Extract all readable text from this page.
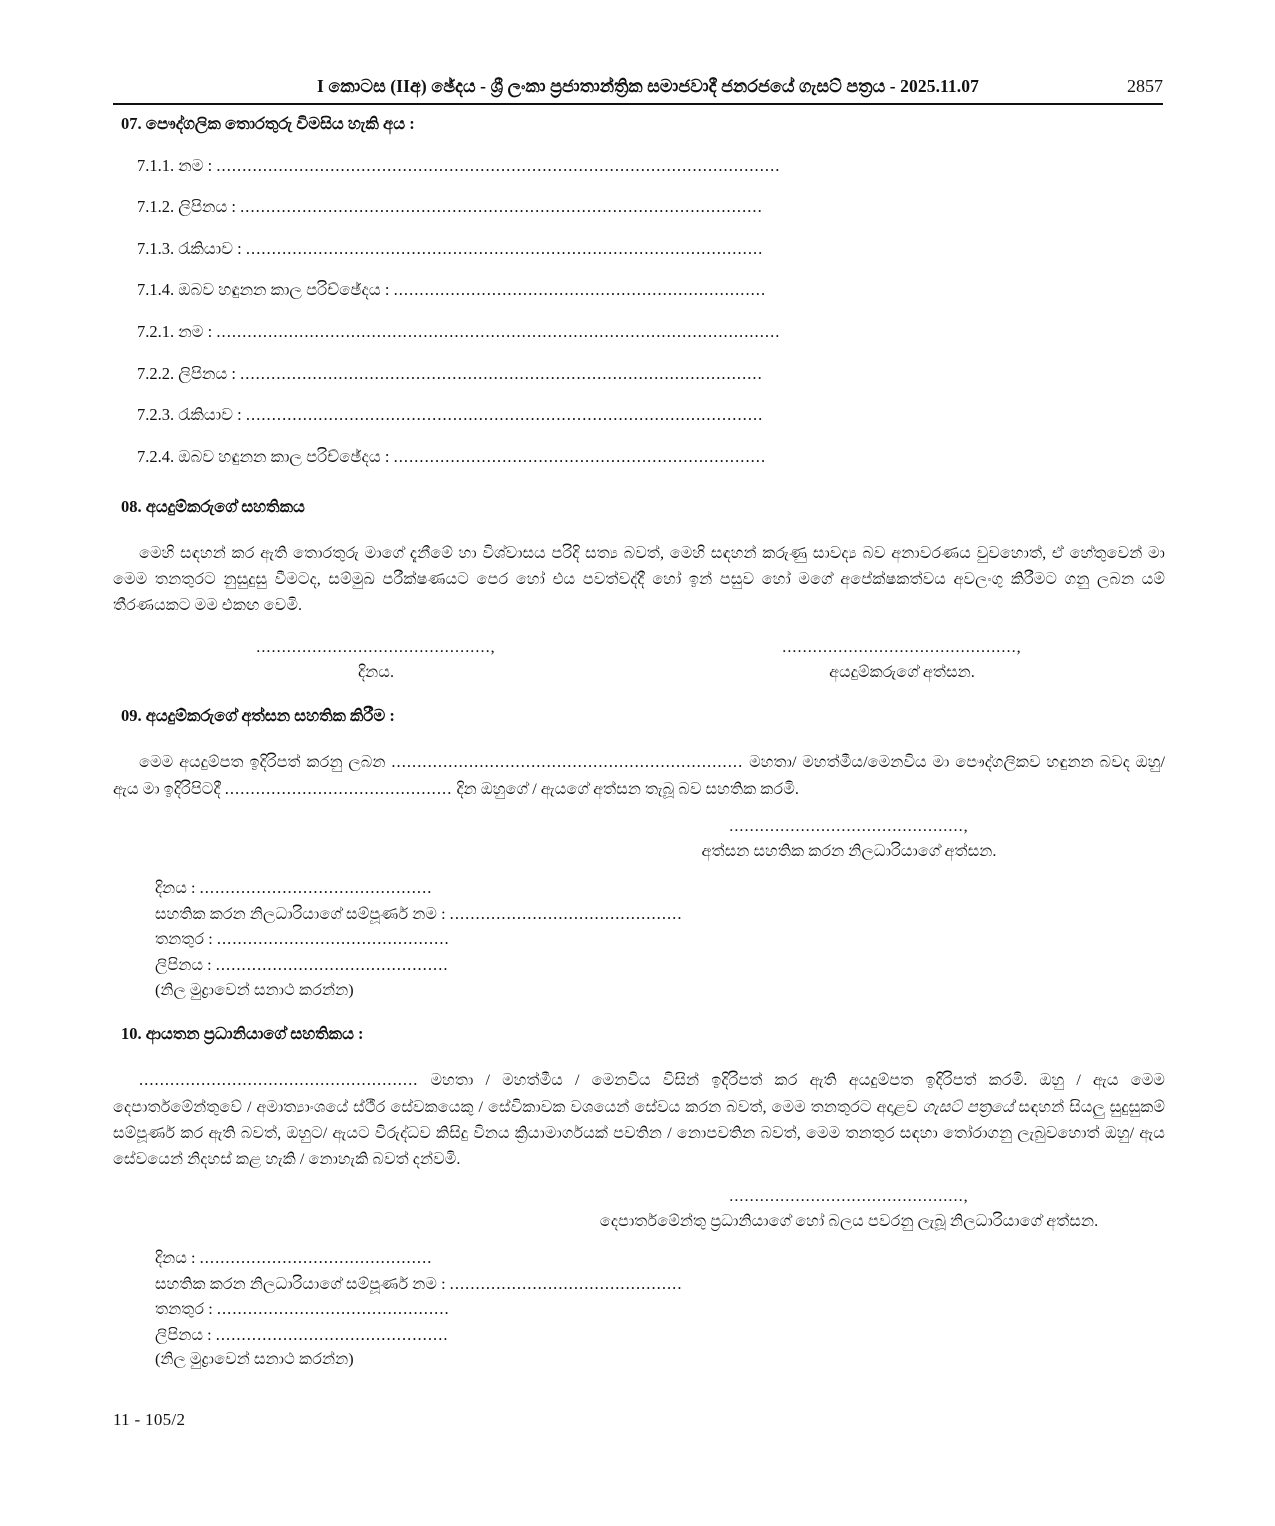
I කොටස (IIඅ) ඡේදය - ශ්‍රී ලංකා ප්‍රජාතාන්ත්‍රික සමාජවාදී ජනරජයේ ගැසට් පත්‍රය - 2025.11.07	2857
07. පෞද්ගලික තොරතුරු විමසිය හැකි අය :
7.1.1. නම : .............................................................................................................
7.1.2. ලිපිනය : .....................................................................................................
7.1.3. රැකියාව : ....................................................................................................
7.1.4. ඔබව හඳුනන කාල පරිච්ඡේදය : ........................................................................
7.2.1. නම : .............................................................................................................
7.2.2. ලිපිනය : .....................................................................................................
7.2.3. රැකියාව : ....................................................................................................
7.2.4. ඔබව හඳුනන කාල පරිච්ඡේදය : ........................................................................
08. අයදුම්කරුගේ සහතිකය
මෙහි සඳහන් කර ඇති තොරතුරු මාගේ දැනීමේ හා විශ්වාසය පරිදි සත්‍ය බවත්, මෙහි සඳහන් කරුණු සාවද්‍ය බව අනාවරණය වුවහොත්, ඒ හේතුවෙන් මා මෙම තනතුරට නුසුදුසු වීමටද, සම්මුඛ පරීක්ෂණයට පෙර හෝ එය පවත්වද්දී හෝ ඉන් පසුව හෝ මගේ අපේක්ෂකත්වය අවලංගු කිරීමට ගනු ලබන යම් තීරණයකට මම එකඟ වෙමි.
..............................................,
දිනය.
..............................................,
අයදුම්කරුගේ අත්සන.
09. අයදුම්කරුගේ අත්සන සහතික කිරීම :
මෙම අයදුම්පත ඉදිරිපත් කරනු ලබන .................................................................... මහතා/ මහත්මීය/මෙනවිය මා පෞද්ගලිකව හඳුනන බවද ඔහු/ ඇය මා ඉදිරිපිටදී ............................................ දින ඔහුගේ / ඇයගේ අත්සන තැබූ බව සහතික කරමි.
..............................................,
අත්සන සහතික කරන නිලධාරියාගේ අත්සන.
දිනය : .............................................
සහතික කරන නිලධාරියාගේ සම්පූර්ණ නම : .............................................
තනතුර : .............................................
ලිපිනය : .............................................
(නිල මුද්‍රාවෙන් සනාථ කරන්න)
10. ආයතන ප්‍රධානියාගේ සහතිකය :
...................................................... මහතා / මහත්මීය / මෙනවිය විසින් ඉදිරිපත් කර ඇති අයදුම්පත ඉදිරිපත් කරමි. ඔහු / ඇය මෙම දෙපාර්තමේන්තුවේ / අමාත්‍යාංශයේ ස්ථීර සේවකයෙකු / සේවිකාවක වශයෙන් සේවය කරන බවත්, මෙම තනතුරට අදාළව ගැසට් පත්‍රයේ සඳහන් සියලු සුදුසුකම් සම්පූර්ණ කර ඇති බවත්, ඔහුට/ ඇයට විරුද්ධව කිසිදු විනය ක්‍රියාමාර්ගයක් පවතින / නොපවතින බවත්, මෙම තනතුර සඳහා තෝරාගනු ලැබුවහොත් ඔහු/ ඇය සේවයෙන් නිදහස් කළ හැකි / නොහැකි බවත් දන්වමි.
..............................................,
දෙපාර්තමේන්තු ප්‍රධානියාගේ හෝ බලය පවරනු ලැබූ නිලධාරියාගේ අත්සන.
දිනය : .............................................
සහතික කරන නිලධාරියාගේ සම්පූර්ණ නම : .............................................
තනතුර : .............................................
ලිපිනය : .............................................
(නිල මුද්‍රාවෙන් සනාථ කරන්න)
11 - 105/2
